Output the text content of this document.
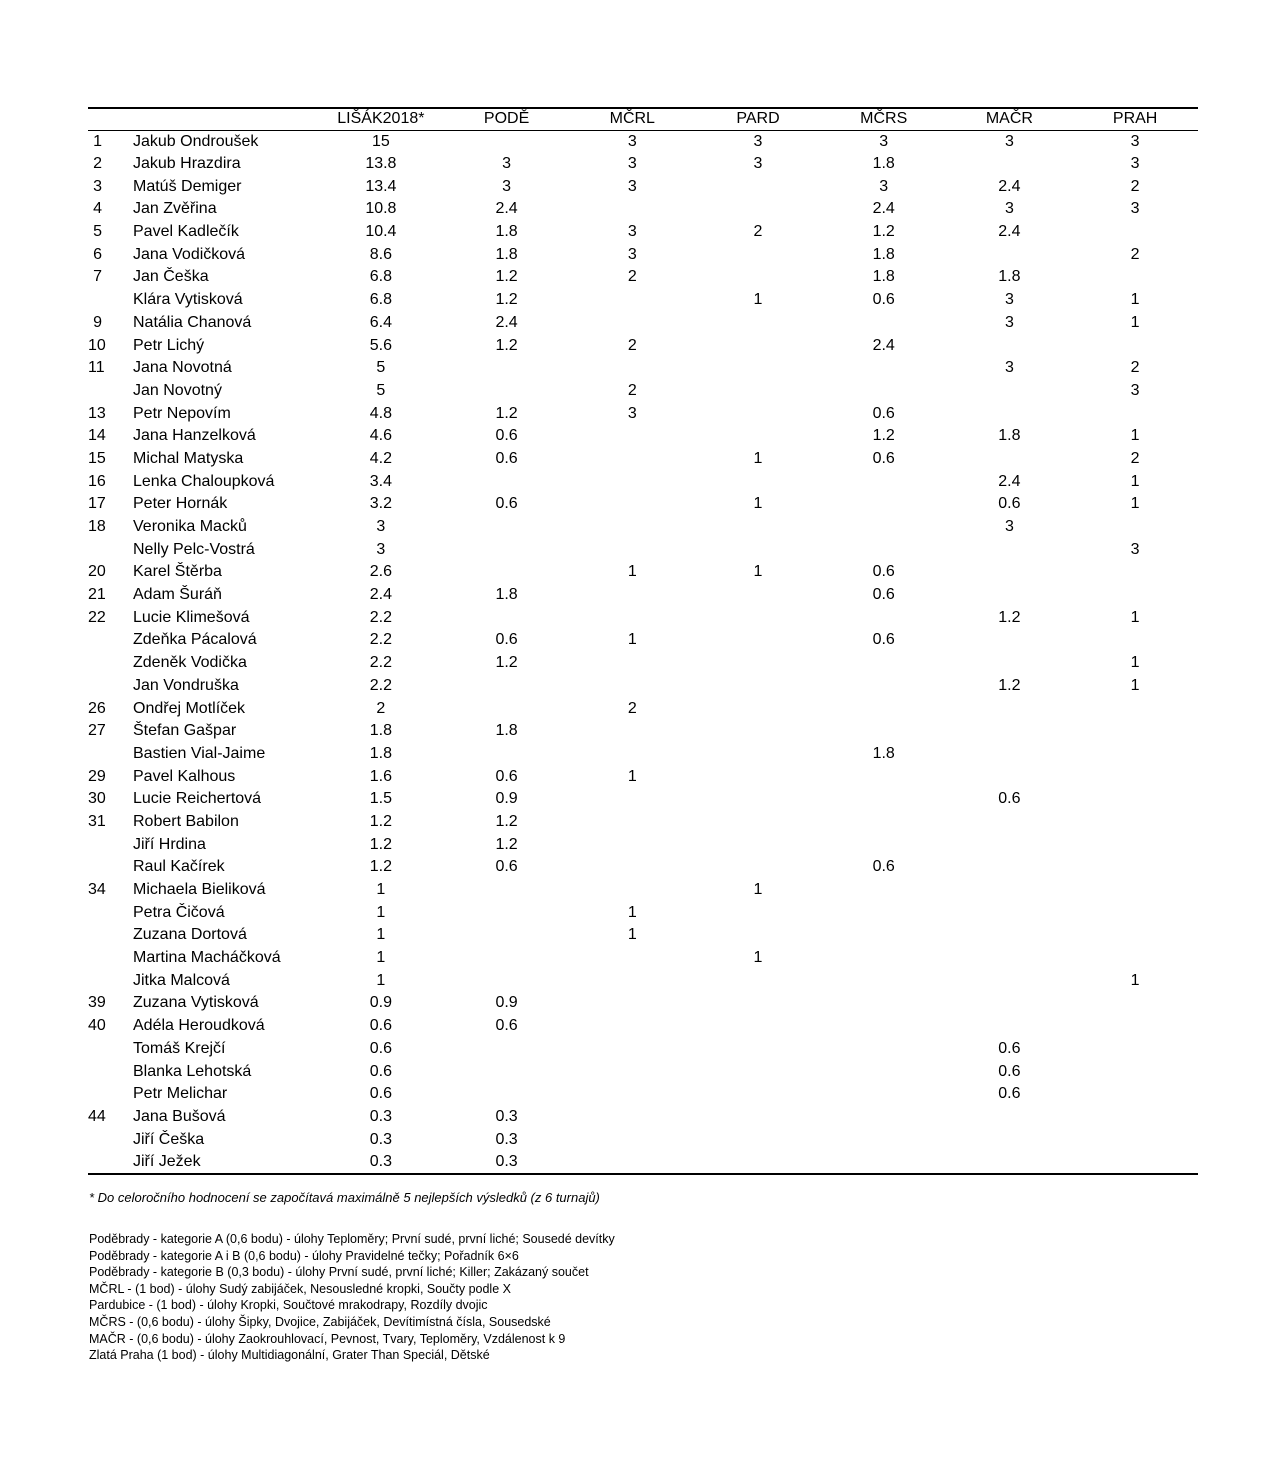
		LIŠÁK2018*	PODĚ	MČRL	PARD	MČRS	MAČR	PRAH
1	Jakub Ondroušek	15		3	3	3	3	3
2	Jakub Hrazdira	13.8	3	3	3	1.8		3
3	Matúš Demiger	13.4	3	3		3	2.4	2
4	Jan Zvěřina	10.8	2.4			2.4	3	3
5	Pavel Kadlečík	10.4	1.8	3	2	1.2	2.4	
6	Jana Vodičková	8.6	1.8	3		1.8		2
7	Jan Češka	6.8	1.2	2		1.8	1.8	
	Klára Vytisková	6.8	1.2		1	0.6	3	1
9	Natália Chanová	6.4	2.4				3	1
10	Petr Lichý	5.6	1.2	2		2.4		
11	Jana Novotná	5					3	2
	Jan Novotný	5		2				3
13	Petr Nepovím	4.8	1.2	3		0.6		
14	Jana Hanzelková	4.6	0.6			1.2	1.8	1
15	Michal Matyska	4.2	0.6		1	0.6		2
16	Lenka Chaloupková	3.4					2.4	1
17	Peter Hornák	3.2	0.6		1		0.6	1
18	Veronika Macků	3					3	
	Nelly Pelc-Vostrá	3						3
20	Karel Štěrba	2.6		1	1	0.6		
21	Adam Šuráň	2.4	1.8			0.6		
22	Lucie Klimešová	2.2					1.2	1
	Zdeňka Pácalová	2.2	0.6	1		0.6		
	Zdeněk Vodička	2.2	1.2					1
	Jan Vondruška	2.2					1.2	1
26	Ondřej Motlíček	2		2				
27	Štefan Gašpar	1.8	1.8					
	Bastien Vial-Jaime	1.8				1.8		
29	Pavel Kalhous	1.6	0.6	1				
30	Lucie Reichertová	1.5	0.9				0.6	
31	Robert Babilon	1.2	1.2					
	Jiří Hrdina	1.2	1.2					
	Raul Kačírek	1.2	0.6			0.6		
34	Michaela Bieliková	1			1			
	Petra Čičová	1		1				
	Zuzana Dortová	1		1				
	Martina Macháčková	1			1			
	Jitka Malcová	1						1
39	Zuzana Vytisková	0.9	0.9					
40	Adéla Heroudková	0.6	0.6					
	Tomáš Krejčí	0.6					0.6	
	Blanka Lehotská	0.6					0.6	
	Petr Melichar	0.6					0.6	
44	Jana Bušová	0.3	0.3					
	Jiří Češka	0.3	0.3					
	Jiří Ježek	0.3	0.3					

* Do celoročního hodnocení se započítavá maximálně 5 nejlepších výsledků (z 6 turnajů)

Poděbrady - kategorie A (0,6 bodu) - úlohy Teploměry; První sudé, první liché; Sousedé devítky
Poděbrady - kategorie A i B (0,6 bodu) - úlohy Pravidelné tečky; Pořadník 6×6
Poděbrady - kategorie B (0,3 bodu) - úlohy První sudé, první liché; Killer; Zakázaný součet
MČRL - (1 bod) - úlohy Sudý zabijáček, Nesousledné kropki, Součty podle X
Pardubice - (1 bod) - úlohy Kropki, Součtové mrakodrapy, Rozdíly dvojic
MČRS - (0,6 bodu) - úlohy Šipky, Dvojice, Zabijáček, Devítimístná čísla, Sousedské
MAČR - (0,6 bodu) - úlohy Zaokrouhlovací, Pevnost, Tvary, Teploměry, Vzdálenost k 9
Zlatá Praha (1 bod) - úlohy Multidiagonální, Grater Than Speciál, Dětské
